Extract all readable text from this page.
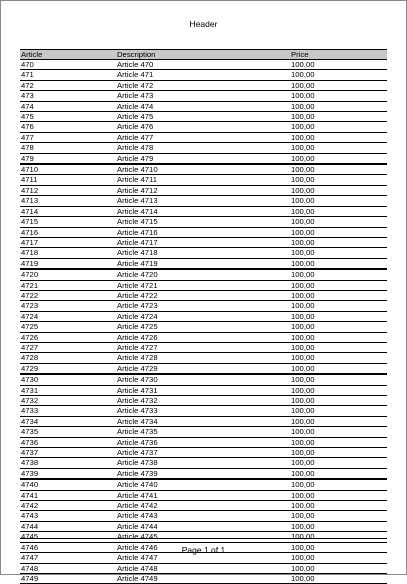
Header
Article	Description	Price
470	Article 470	100,00
471	Article 471	100,00
472	Article 472	100,00
473	Article 473	100,00
474	Article 474	100,00
475	Article 475	100,00
476	Article 476	100,00
477	Article 477	100,00
478	Article 478	100,00
479	Article 479	100,00
4710	Article 4710	100,00
4711	Article 4711	100,00
4712	Article 4712	100,00
4713	Article 4713	100,00
4714	Article 4714	100,00
4715	Article 4715	100,00
4716	Article 4716	100,00
4717	Article 4717	100,00
4718	Article 4718	100,00
4719	Article 4719	100,00
4720	Article 4720	100,00
4721	Article 4721	100,00
4722	Article 4722	100,00
4723	Article 4723	100,00
4724	Article 4724	100,00
4725	Article 4725	100,00
4726	Article 4726	100,00
4727	Article 4727	100,00
4728	Article 4728	100,00
4729	Article 4729	100,00
4730	Article 4730	100,00
4731	Article 4731	100,00
4732	Article 4732	100,00
4733	Article 4733	100,00
4734	Article 4734	100,00
4735	Article 4735	100,00
4736	Article 4736	100,00
4737	Article 4737	100,00
4738	Article 4738	100,00
4739	Article 4739	100,00
4740	Article 4740	100,00
4741	Article 4741	100,00
4742	Article 4742	100,00
4743	Article 4743	100,00
4744	Article 4744	100,00
4745	Article 4745	100,00
4746	Article 4746	100,00
4747	Article 4747	100,00
4748	Article 4748	100,00
4749	Article 4749	100,00
Page 1 of 1
